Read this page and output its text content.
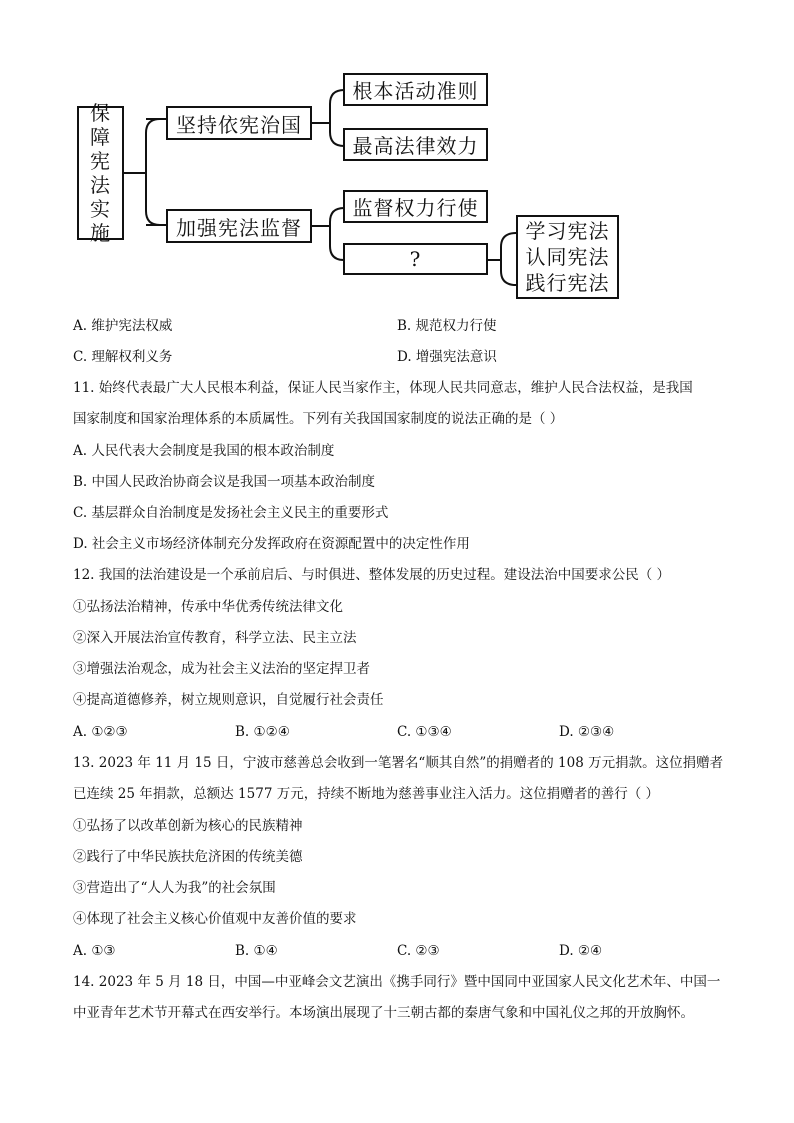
保
障
宪
法
实
施
坚持依宪治国
根本活动准则
最高法律效力
加强宪法监督
监督权力行使
?
学习宪法
认同宪法
践行宪法
A. 维护宪法权威	B. 规范权力行使
C. 理解权利义务	D. 增强宪法意识
11. 始终代表最广大人民根本利益，保证人民当家作主，体现人民共同意志，维护人民合法权益，是我国
国家制度和国家治理体系的本质属性。下列有关我国国家制度的说法正确的是（ ）
A. 人民代表大会制度是我国的根本政治制度
B. 中国人民政治协商会议是我国一项基本政治制度
C. 基层群众自治制度是发扬社会主义民主的重要形式
D. 社会主义市场经济体制充分发挥政府在资源配置中的决定性作用
12. 我国的法治建设是一个承前启后、与时俱进、整体发展的历史过程。建设法治中国要求公民（ ）
①弘扬法治精神，传承中华优秀传统法律文化
②深入开展法治宣传教育，科学立法、民主立法
③增强法治观念，成为社会主义法治的坚定捍卫者
④提高道德修养，树立规则意识，自觉履行社会责任
A. ①②③	B. ①②④	C. ①③④	D. ②③④
13. 2023 年 11 月 15 日，宁波市慈善总会收到一笔署名“顺其自然”的捐赠者的 108 万元捐款。这位捐赠者
已连续 25 年捐款，总额达 1577 万元，持续不断地为慈善事业注入活力。这位捐赠者的善行（ ）
①弘扬了以改革创新为核心的民族精神
②践行了中华民族扶危济困的传统美德
③营造出了“人人为我”的社会氛围
④体现了社会主义核心价值观中友善价值的要求
A. ①③	B. ①④	C. ②③	D. ②④
14. 2023 年 5 月 18 日，中国—中亚峰会文艺演出《携手同行》暨中国同中亚国家人民文化艺术年、中国一
中亚青年艺术节开幕式在西安举行。本场演出展现了十三朝古都的秦唐气象和中国礼仪之邦的开放胸怀。
